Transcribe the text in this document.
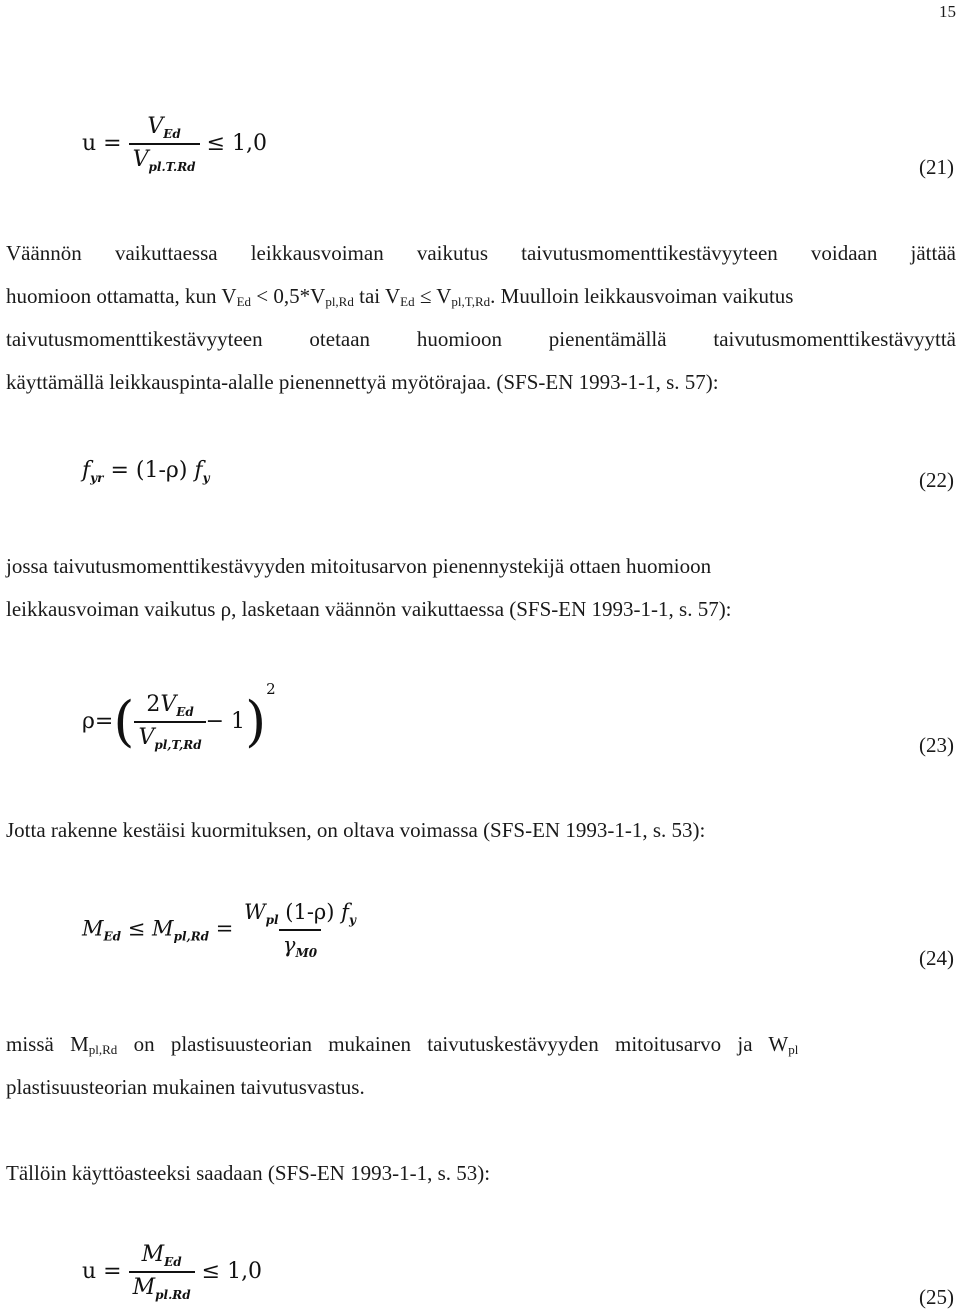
15
$u = \frac{V_{Ed}}{V_{pl.T.Rd}} \le 1,0$
(21)
Väännön vaikuttaessa leikkausvoiman vaikutus taivutusmomenttikestävyyteen voidaan jättää
huomioon ottamatta, kun $V_{Ed} < 0,5*V_{pl,Rd}$ tai $V_{Ed} \le V_{pl,T,Rd}$. Muulloin leikkausvoiman vaikutus
taivutusmomenttikestävyyteen otetaan huomioon pienentämällä taivutusmomenttikestävyyttä
käyttämällä leikkauspinta-alalle pienennettyä myötörajaa. (SFS-EN 1993-1-1, s. 57):
$f_{yr} = (1-\rho)$ $f_y$	(22)
jossa taivutusmomenttikestävyyden mitoitusarvon pienennystekijä ottaen huomioon
leikkausvoiman vaikutus ρ, lasketaan väännön vaikuttaessa (SFS-EN 1993-1-1, s. 57):
$\rho=( \frac{2V_{Ed}}{V_{pl,T,Rd}} - 1)^2$
(23)
Jotta rakenne kestäisi kuormituksen, on oltava voimassa (SFS-EN 1993-1-1, s. 53):
$M_{Ed} \le M_{pl,Rd} = \frac{W_{pl} (1-\rho) f_y}{\gamma_{M0}}$	(24)
missä $M_{pl,Rd}$ on plastisuusteorian mukainen taivutuskestävyyden mitoitusarvo ja $W_{pl}$
plastisuusteorian mukainen taivutusvastus.
Tällöin käyttöasteeksi saadaan (SFS-EN 1993-1-1, s. 53):
$u = \frac{M_{Ed}}{M_{pl.Rd}} \le 1,0$
(25)
